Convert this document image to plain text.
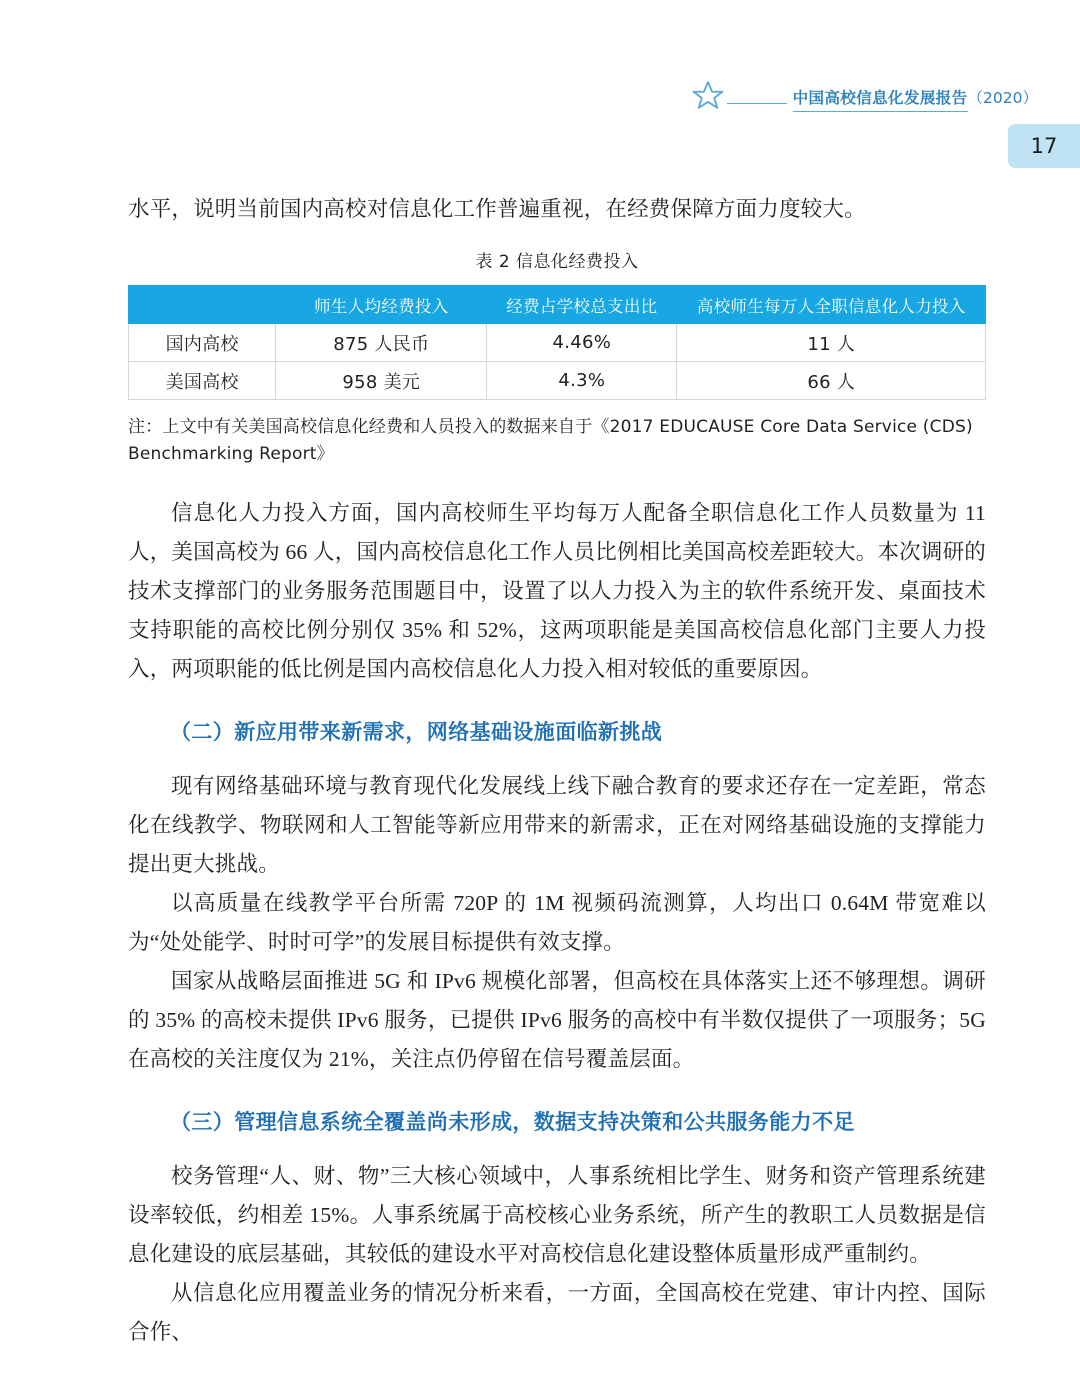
中国高校信息化发展报告（2020）
17

水平，说明当前国内高校对信息化工作普遍重视，在经费保障方面力度较大。

表 2 信息化经费投入
	师生人均经费投入	经费占学校总支出比	高校师生每万人全职信息化人力投入
国内高校	875 人民币	4.46%	11 人
美国高校	958 美元	4.3%	66 人

注：上文中有关美国高校信息化经费和人员投入的数据来自于《2017 EDUCAUSE Core Data Service (CDS) Benchmarking Report》

信息化人力投入方面，国内高校师生平均每万人配备全职信息化工作人员数量为 11 人，美国高校为 66 人，国内高校信息化工作人员比例相比美国高校差距较大。本次调研的技术支撑部门的业务服务范围题目中，设置了以人力投入为主的软件系统开发、桌面技术支持职能的高校比例分别仅 35% 和 52%，这两项职能是美国高校信息化部门主要人力投入，两项职能的低比例是国内高校信息化人力投入相对较低的重要原因。

（二）新应用带来新需求，网络基础设施面临新挑战

现有网络基础环境与教育现代化发展线上线下融合教育的要求还存在一定差距，常态化在线教学、物联网和人工智能等新应用带来的新需求，正在对网络基础设施的支撑能力提出更大挑战。

以高质量在线教学平台所需 720P 的 1M 视频码流测算，人均出口 0.64M 带宽难以为“处处能学、时时可学”的发展目标提供有效支撑。

国家从战略层面推进 5G 和 IPv6 规模化部署，但高校在具体落实上还不够理想。调研的 35% 的高校未提供 IPv6 服务，已提供 IPv6 服务的高校中有半数仅提供了一项服务；5G 在高校的关注度仅为 21%，关注点仍停留在信号覆盖层面。

（三）管理信息系统全覆盖尚未形成，数据支持决策和公共服务能力不足

校务管理“人、财、物”三大核心领域中，人事系统相比学生、财务和资产管理系统建设率较低，约相差 15%。人事系统属于高校核心业务系统，所产生的教职工人员数据是信息化建设的底层基础，其较低的建设水平对高校信息化建设整体质量形成严重制约。

从信息化应用覆盖业务的情况分析来看，一方面，全国高校在党建、审计内控、国际合作、
